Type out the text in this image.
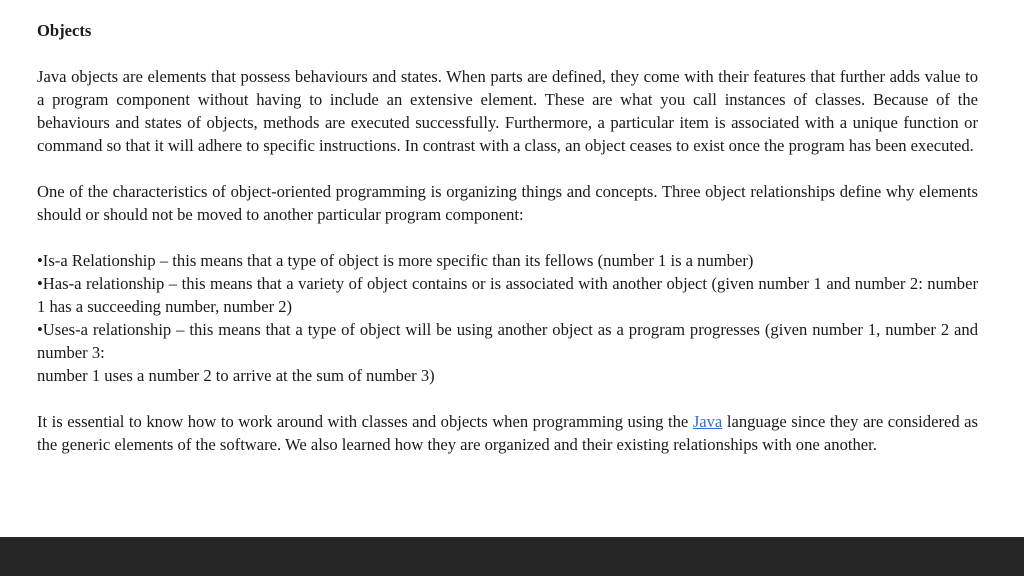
Objects

Java objects are elements that possess behaviours and states. When parts are defined, they come with their features that further adds value to a program component without having to include an extensive element. These are what you call instances of classes. Because of the behaviours and states of objects, methods are executed successfully. Furthermore, a particular item is associated with a unique function or command so that it will adhere to specific instructions. In contrast with a class, an object ceases to exist once the program has been executed.

One of the characteristics of object-oriented programming is organizing things and concepts. Three object relationships define why elements should or should not be moved to another particular program component:

•Is-a Relationship – this means that a type of object is more specific than its fellows (number 1 is a number)

•Has-a relationship – this means that a variety of object contains or is associated with another object (given number 1 and number 2: number 1 has a succeeding number, number 2)

•Uses-a relationship – this means that a type of object will be using another object as a program progresses (given number 1, number 2 and number 3:

number 1 uses a number 2 to arrive at the sum of number 3)

It is essential to know how to work around with classes and objects when programming using the Java language since they are considered as the generic elements of the software. We also learned how they are organized and their existing relationships with one another.
